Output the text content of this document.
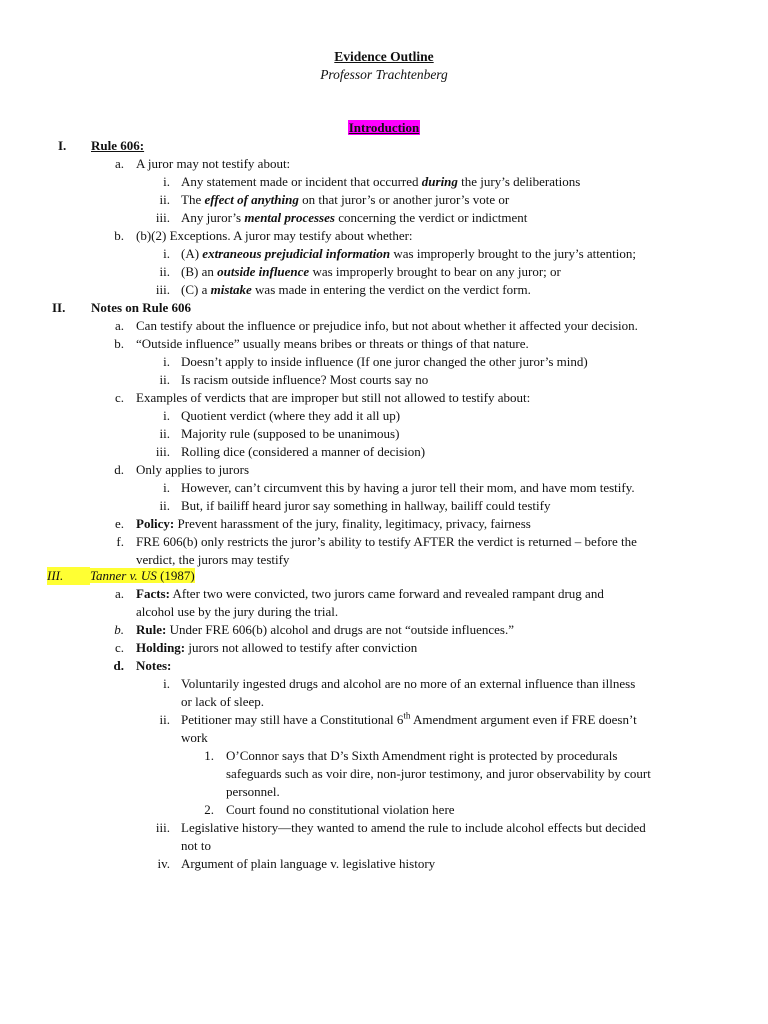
Evidence Outline
Professor Trachtenberg
Introduction
I. Rule 606:
a. A juror may not testify about:
i. Any statement made or incident that occurred during the jury’s deliberations
ii. The effect of anything on that juror’s or another juror’s vote or
iii. Any juror’s mental processes concerning the verdict or indictment
b. (b)(2) Exceptions. A juror may testify about whether:
i. (A) extraneous prejudicial information was improperly brought to the jury’s attention;
ii. (B) an outside influence was improperly brought to bear on any juror; or
iii. (C) a mistake was made in entering the verdict on the verdict form.
II. Notes on Rule 606
a. Can testify about the influence or prejudice info, but not about whether it affected your decision.
b. “Outside influence” usually means bribes or threats or things of that nature.
i. Doesn’t apply to inside influence (If one juror changed the other juror’s mind)
ii. Is racism outside influence? Most courts say no
c. Examples of verdicts that are improper but still not allowed to testify about:
i. Quotient verdict (where they add it all up)
ii. Majority rule (supposed to be unanimous)
iii. Rolling dice (considered a manner of decision)
d. Only applies to jurors
i. However, can’t circumvent this by having a juror tell their mom, and have mom testify.
ii. But, if bailiff heard juror say something in hallway, bailiff could testify
e. Policy: Prevent harassment of the jury, finality, legitimacy, privacy, fairness
f. FRE 606(b) only restricts the juror’s ability to testify AFTER the verdict is returned – before the
verdict, the jurors may testify
III. Tanner v. US (1987)
a. Facts: After two were convicted, two jurors came forward and revealed rampant drug and
alcohol use by the jury during the trial.
b. Rule: Under FRE 606(b) alcohol and drugs are not “outside influences.”
c. Holding: jurors not allowed to testify after conviction
d. Notes:
i. Voluntarily ingested drugs and alcohol are no more of an external influence than illness
or lack of sleep.
ii. Petitioner may still have a Constitutional 6th Amendment argument even if FRE doesn’t
work
1. O’Connor says that D’s Sixth Amendment right is protected by procedurals
safeguards such as voir dire, non-juror testimony, and juror observability by court
personnel.
2. Court found no constitutional violation here
iii. Legislative history—they wanted to amend the rule to include alcohol effects but decided
not to
iv. Argument of plain language v. legislative history
